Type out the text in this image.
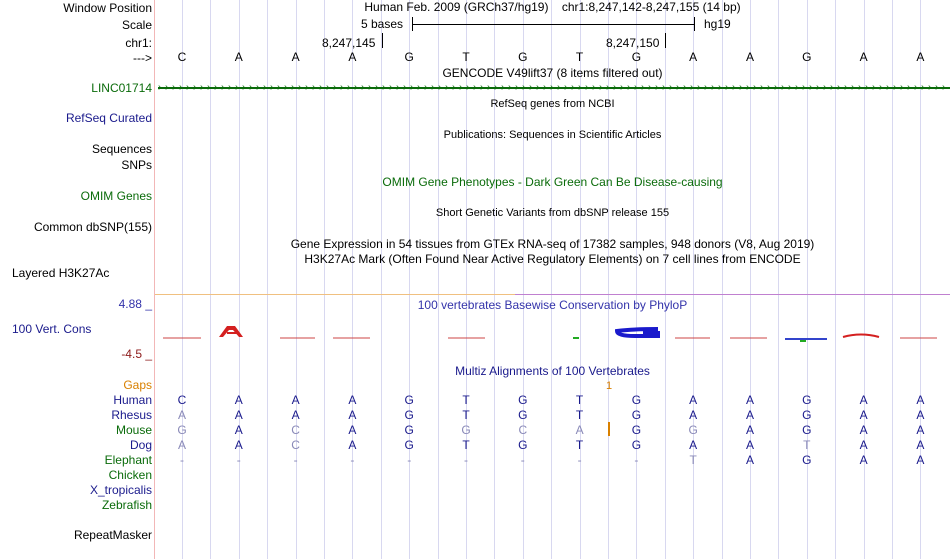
Window Position
Scale
chr1:
--->
LINC01714
RefSeq Curated
Sequences
SNPs
OMIM Genes
Common dbSNP(155)
Layered H3K27Ac
4.88 _
100 Vert. Cons
-4.5 _
Gaps
Human
Rhesus
Mouse
Dog
Elephant
Chicken
X_tropicalis
Zebrafish
RepeatMasker
Human Feb. 2009 (GRCh37/hg19) chr1:8,247,142-8,247,155 (14 bp)
5 bases	hg19
8,247,145	8,247,150
C	A	A	A	G	T	G	T	G	A	A	G	A	A
GENCODE V49lift37 (8 items filtered out)
› › › › › › › › › › › › › › › › › › › › › › › › › › › › › › › › › › › › › › › › › › › › › › › › › › › › › › › › › › › › › › › › › › › › › › › › › › › › › › › › › › › › › › › › › › › › › › › › › › › › › › › › › › › › › › › › ›
RefSeq genes from NCBI
Publications: Sequences in Scientific Articles
OMIM Gene Phenotypes - Dark Green Can Be Disease-causing
Short Genetic Variants from dbSNP release 155
Gene Expression in 54 tissues from GTEx RNA-seq of 17382 samples, 948 donors (V8, Aug 2019)
H3K27Ac Mark (Often Found Near Active Regulatory Elements) on 7 cell lines from ENCODE
100 vertebrates Basewise Conservation by PhyloP
Multiz Alignments of 100 Vertebrates
1
C	A	A	A	G	T	G	T	G	A	A	G	A	A
A	A	A	A	G	T	G	T	G	A	A	G	A	A
G	A	C	A	G	G	C	A	G	G	A	G	A	A
A	A	C	A	G	T	G	T	G	A	A	T	A	A
-	-	-	-	-	-	-	-	-	T	A	G	A	A
